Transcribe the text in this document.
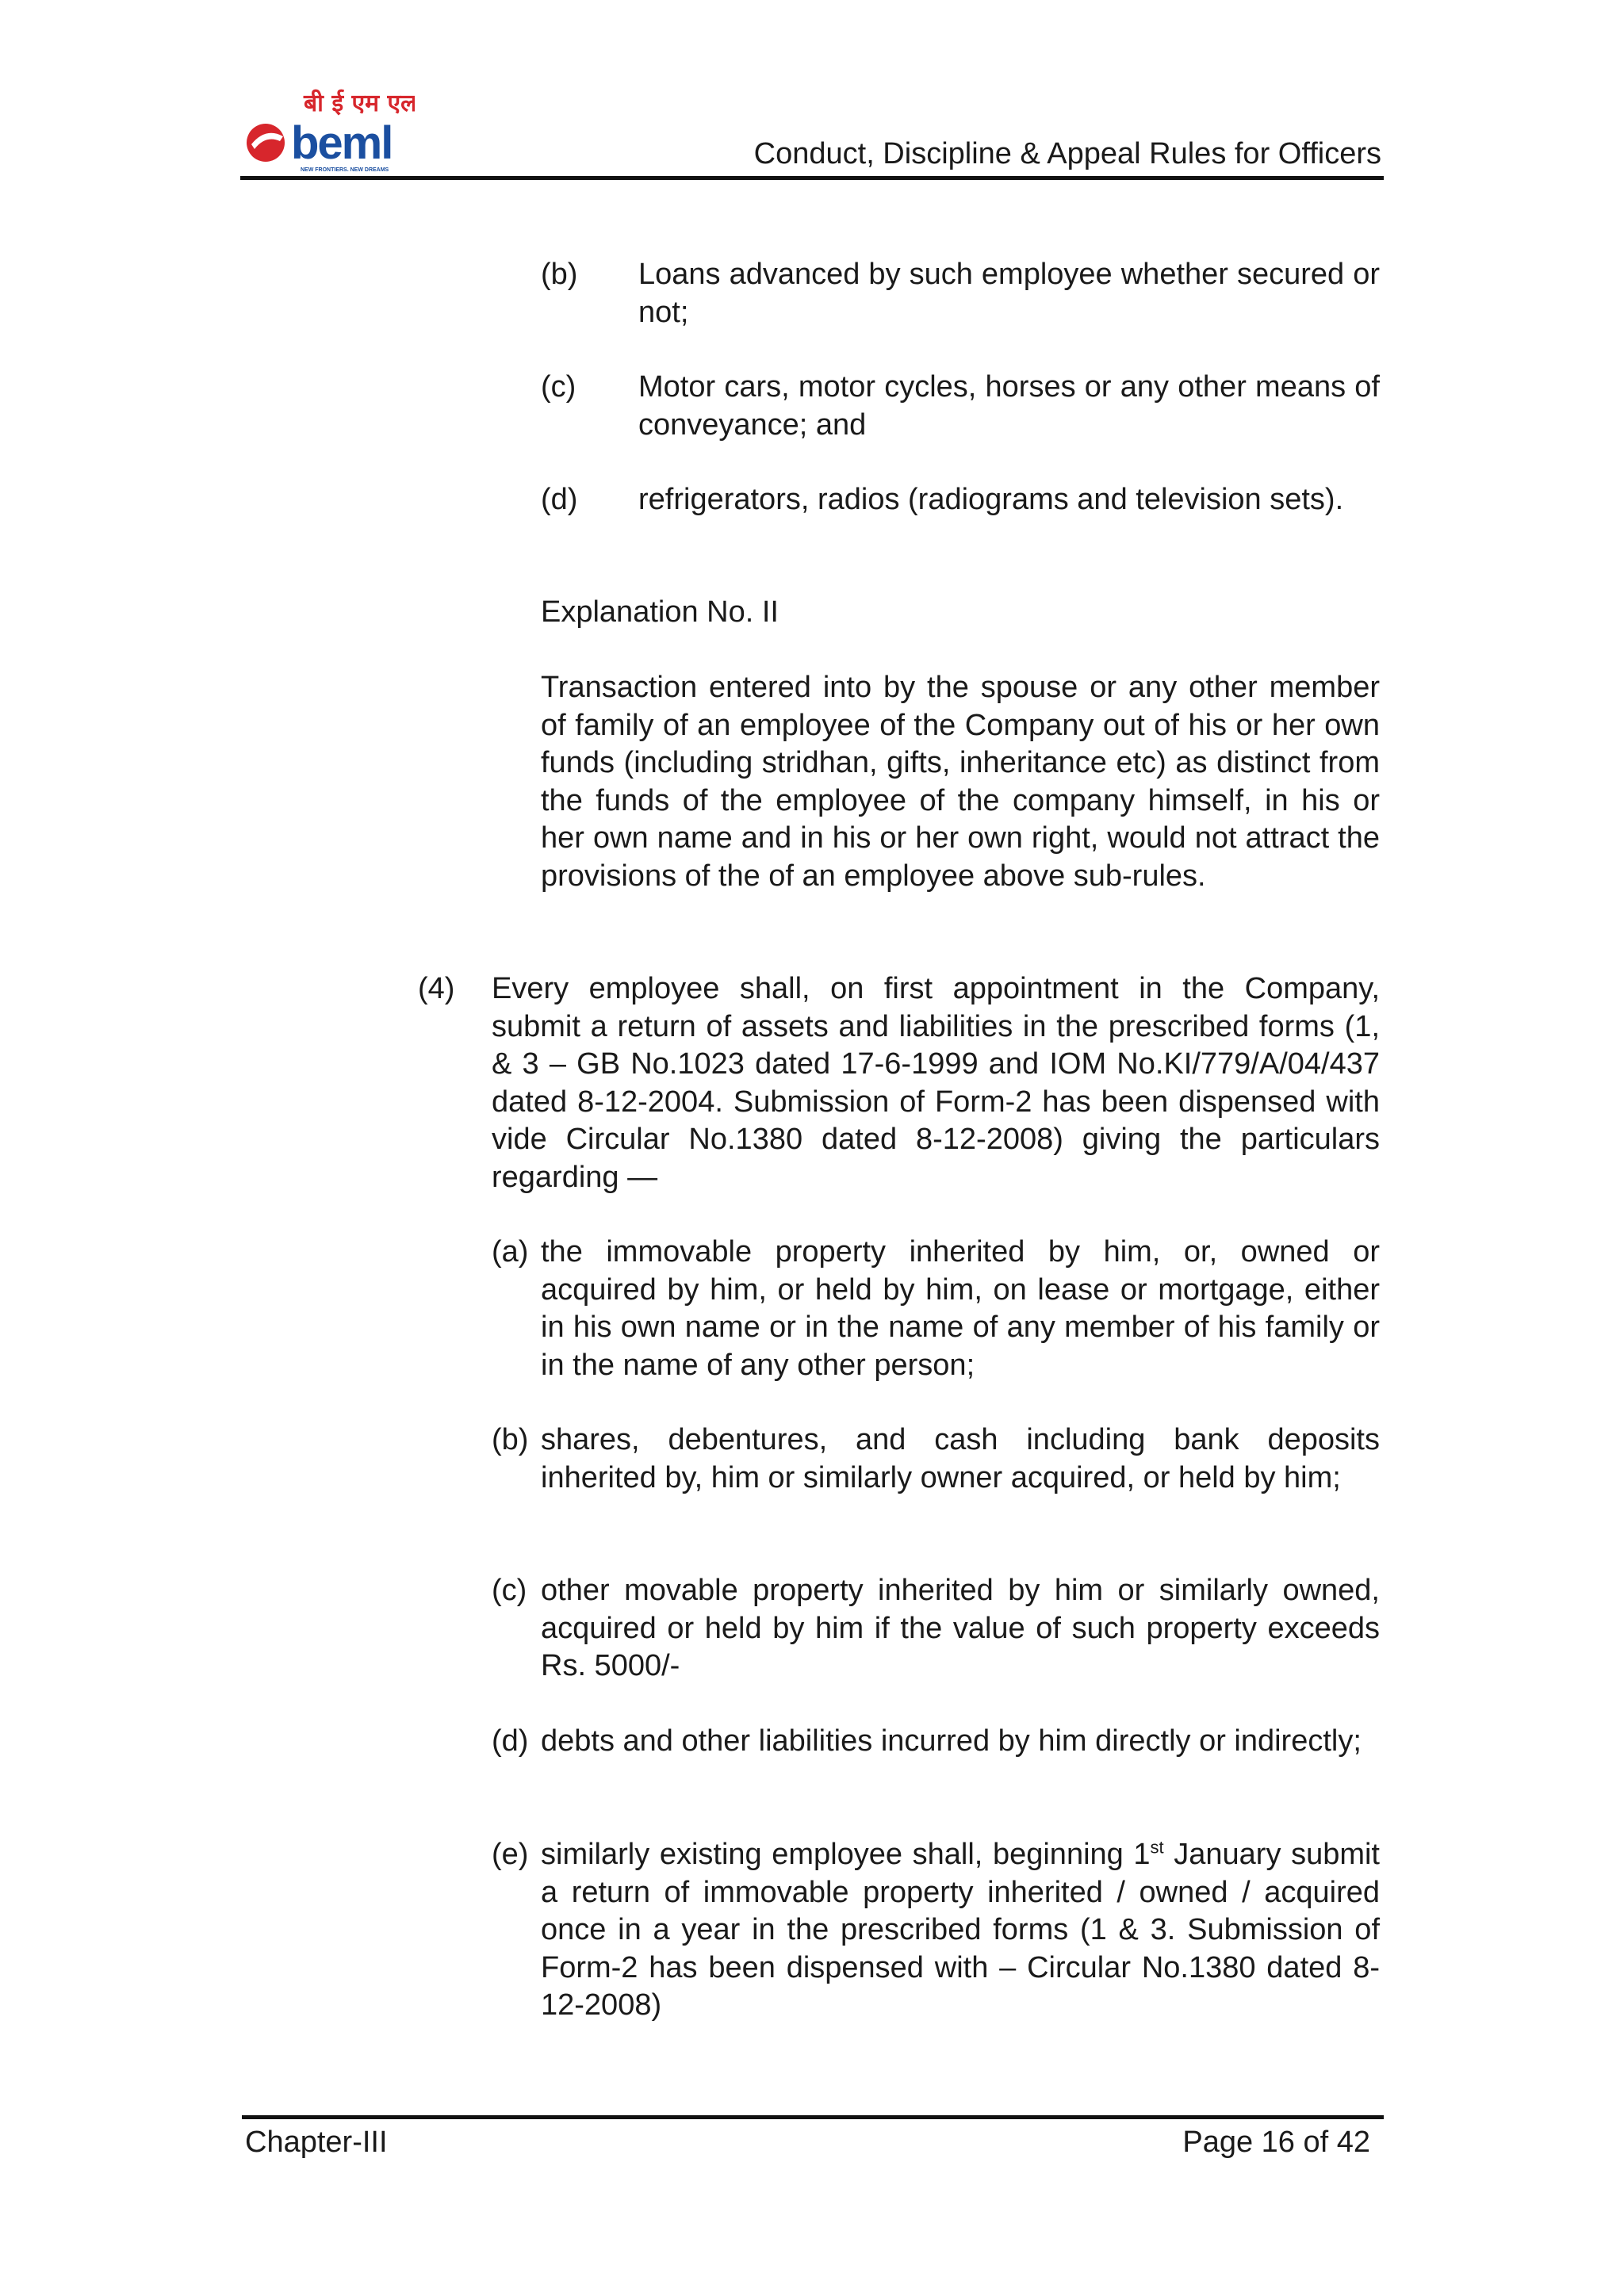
बी ई एम एल
beml
NEW FRONTIERS. NEW DREAMS	Conduct, Discipline & Appeal Rules for Officers
(b) Loans advanced by such employee whether secured or not;
(c) Motor cars, motor cycles, horses or any other means of conveyance; and
(d) refrigerators, radios (radiograms and television sets).
Explanation No. II
Transaction entered into by the spouse or any other member of family of an employee of the Company out of his or her own funds (including stridhan, gifts, inheritance etc) as distinct from the funds of the employee of the company himself, in his or her own name and in his or her own right, would not attract the provisions of the of an employee above sub-rules.
(4) Every employee shall, on first appointment in the Company, submit a return of assets and liabilities in the prescribed forms (1, & 3 – GB No.1023 dated 17-6-1999 and IOM No.KI/779/A/04/437 dated 8-12-2004. Submission of Form-2 has been dispensed with vide Circular No.1380 dated 8-12-2008) giving the particulars regarding —
(a) the immovable property inherited by him, or, owned or acquired by him, or held by him, on lease or mortgage, either in his own name or in the name of any member of his family or in the name of any other person;
(b) shares, debentures, and cash including bank deposits inherited by, him or similarly owner acquired, or held by him;
(c) other movable property inherited by him or similarly owned, acquired or held by him if the value of such property exceeds Rs. 5000/-
(d) debts and other liabilities incurred by him directly or indirectly;
(e) similarly existing employee shall, beginning 1st January submit a return of immovable property inherited / owned / acquired once in a year in the prescribed forms (1 & 3. Submission of Form-2 has been dispensed with – Circular No.1380 dated 8-12-2008)
Chapter-III	Page 16 of 42
